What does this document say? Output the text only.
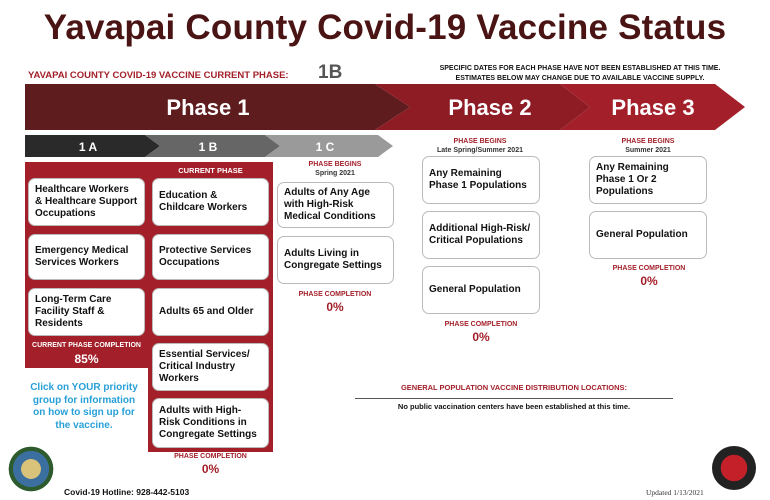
Yavapai County Covid-19 Vaccine Status
YAVAPAI COUNTY COVID-19 VACCINE CURRENT PHASE: 1B	SPECIFIC DATES FOR EACH PHASE HAVE NOT BEEN ESTABLISHED AT THIS TIME.
ESTIMATES BELOW MAY CHANGE DUE TO AVAILABLE VACCINE SUPPLY.
Phase 1	Phase 2	Phase 3
1 A	1 B	1 C
CURRENT PHASE
Healthcare Workers & Healthcare Support Occupations
Emergency Medical Services Workers
Long-Term Care Facility Staff & Residents
CURRENT PHASE COMPLETION
85%
Education & Childcare Workers
Protective Services Occupations
Adults 65 and Older
Essential Services/ Critical Industry Workers
Adults with High-Risk Conditions in Congregate Settings
PHASE COMPLETION
0%
PHASE BEGINS
Spring 2021
Adults of Any Age with High-Risk Medical Conditions
Adults Living in Congregate Settings
PHASE COMPLETION
0%
PHASE BEGINS
Late Spring/Summer 2021
Any Remaining Phase 1 Populations
Additional High-Risk/ Critical Populations
General Population
PHASE COMPLETION
0%
PHASE BEGINS
Summer 2021
Any Remaining Phase 1 Or 2 Populations
General Population
PHASE COMPLETION
0%
Click on YOUR priority group for information on how to sign up for the vaccine.
GENERAL POPULATION VACCINE DISTRIBUTION LOCATIONS:
No public vaccination centers have been established at this time.
Covid-19 Hotline: 928-442-5103	Updated 1/13/2021
